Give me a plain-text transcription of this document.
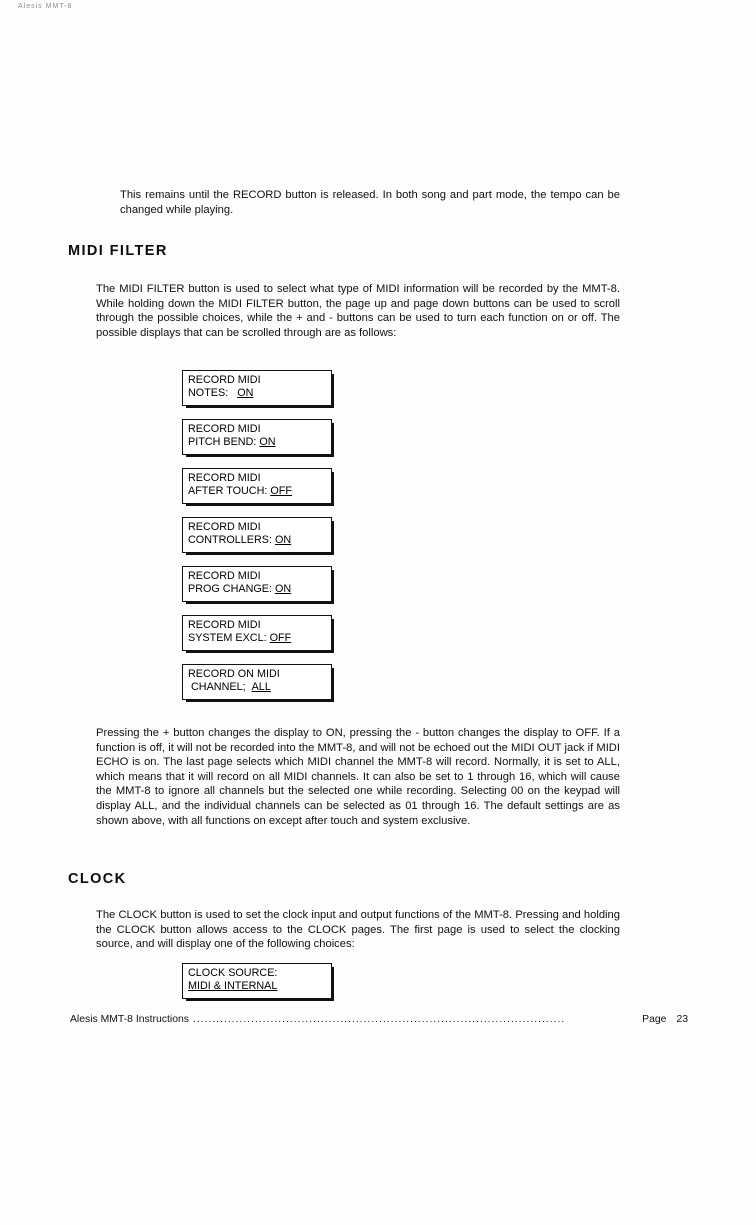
Alesis MMT-8

This remains until the RECORD button is released. In both song and part mode, the tempo can be changed while playing.

MIDI FILTER

The MIDI FILTER button is used to select what type of MIDI information will be recorded by the MMT-8. While holding down the MIDI FILTER button, the page up and page down buttons can be used to scroll through the possible choices, while the + and - buttons can be used to turn each function on or off. The possible displays that can be scrolled through are as follows:

RECORD MIDI
NOTES: ON
RECORD MIDI
PITCH BEND: ON
RECORD MIDI
AFTER TOUCH: OFF
RECORD MIDI
CONTROLLERS: ON
RECORD MIDI
PROG CHANGE: ON
RECORD MIDI
SYSTEM EXCL: OFF
RECORD ON MIDI
CHANNEL; ALL

Pressing the + button changes the display to ON, pressing the - button changes the display to OFF. If a function is off, it will not be recorded into the MMT-8, and will not be echoed out the MIDI OUT jack if MIDI ECHO is on. The last page selects which MIDI channel the MMT-8 will record. Normally, it is set to ALL, which means that it will record on all MIDI channels. It can also be set to 1 through 16, which will cause the MMT-8 to ignore all channels but the selected one while recording. Selecting 00 on the keypad will display ALL, and the individual channels can be selected as 01 through 16. The default settings are as shown above, with all functions on except after touch and system exclusive.

CLOCK

The CLOCK button is used to set the clock input and output functions of the MMT-8. Pressing and holding the CLOCK button allows access to the CLOCK pages. The first page is used to select the clocking source, and will display one of the following choices:

CLOCK SOURCE:
MIDI & INTERNAL
Alesis MMT-8 Instructions ................................................................................................	Page 23
